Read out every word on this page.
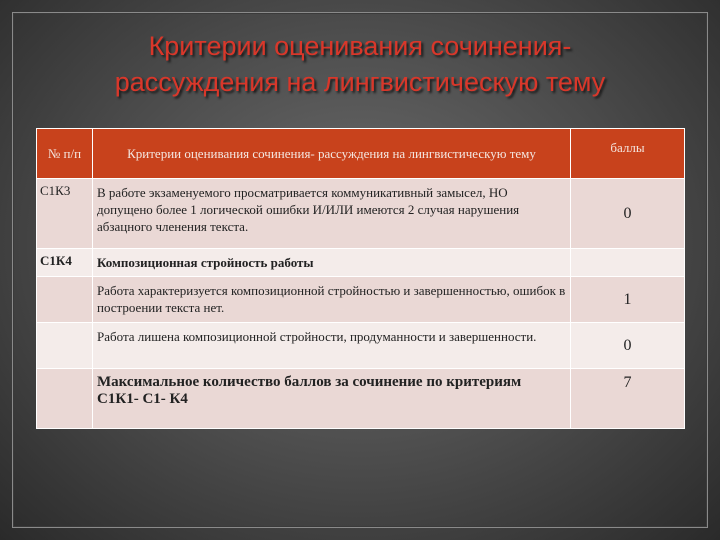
Критерии оценивания сочинения-
рассуждения на лингвистическую тему
№ п/п	Критерии оценивания сочинения- рассуждения на лингвистическую тему	баллы
С1К3	В работе экзаменуемого просматривается коммуникативный замысел, НО допущено более 1 логической ошибки И/ИЛИ имеются 2 случая нарушения абзацного членения текста.	0
С1К4	Композиционная стройность работы	
	Работа характеризуется композиционной стройностью и завершенностью, ошибок в построении текста нет.	1
	Работа лишена композиционной стройности, продуманности и завершенности.	0
	Максимальное количество баллов за сочинение по критериям С1К1- С1- К4	7
